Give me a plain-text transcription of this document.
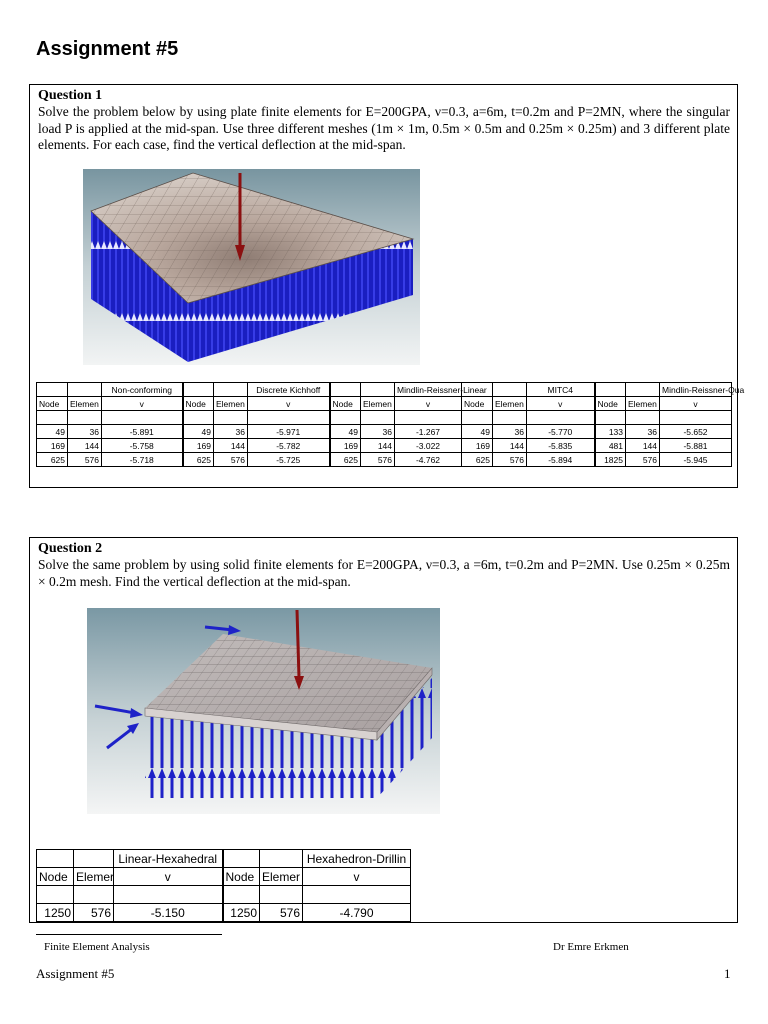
Assignment #5
Question 1
Solve the problem below by using plate finite elements for E=200GPA, ν=0.3, a=6m, t=0.2m and P=2MN, where the singular load P is applied at the mid-span. Use three different meshes (1m × 1m, 0.5m × 0.5m and 0.25m × 0.25m) and 3 different plate elements. For each case, find the vertical deflection at the mid-span.
		Non-conforming			Discrete Kichhoff			Mindlin-Reissner-Linear			MITC4			Mindlin-Reissner-Qua
Node	Elemen	v	Node	Elemen	v	Node	Elemen	v	Node	Elemen	v	Node	Elemen	v

49	36	-5.891	49	36	-5.971	49	36	-1.267	49	36	-5.770	133	36	-5.652
169	144	-5.758	169	144	-5.782	169	144	-3.022	169	144	-5.835	481	144	-5.881
625	576	-5.718	625	576	-5.725	625	576	-4.762	625	576	-5.894	1825	576	-5.945
Question 2
Solve the same problem by using solid finite elements for E=200GPA, ν=0.3, a =6m, t=0.2m and P=2MN. Use 0.25m × 0.25m × 0.2m mesh. Find the vertical deflection at the mid-span.
		Linear-Hexahedral			Hexahedron-Drillin
Node	Elemer	v	Node	Elemer	v

1250	576	-5.150	1250	576	-4.790
Finite Element Analysis	Dr Emre Erkmen
Assignment #5	1
